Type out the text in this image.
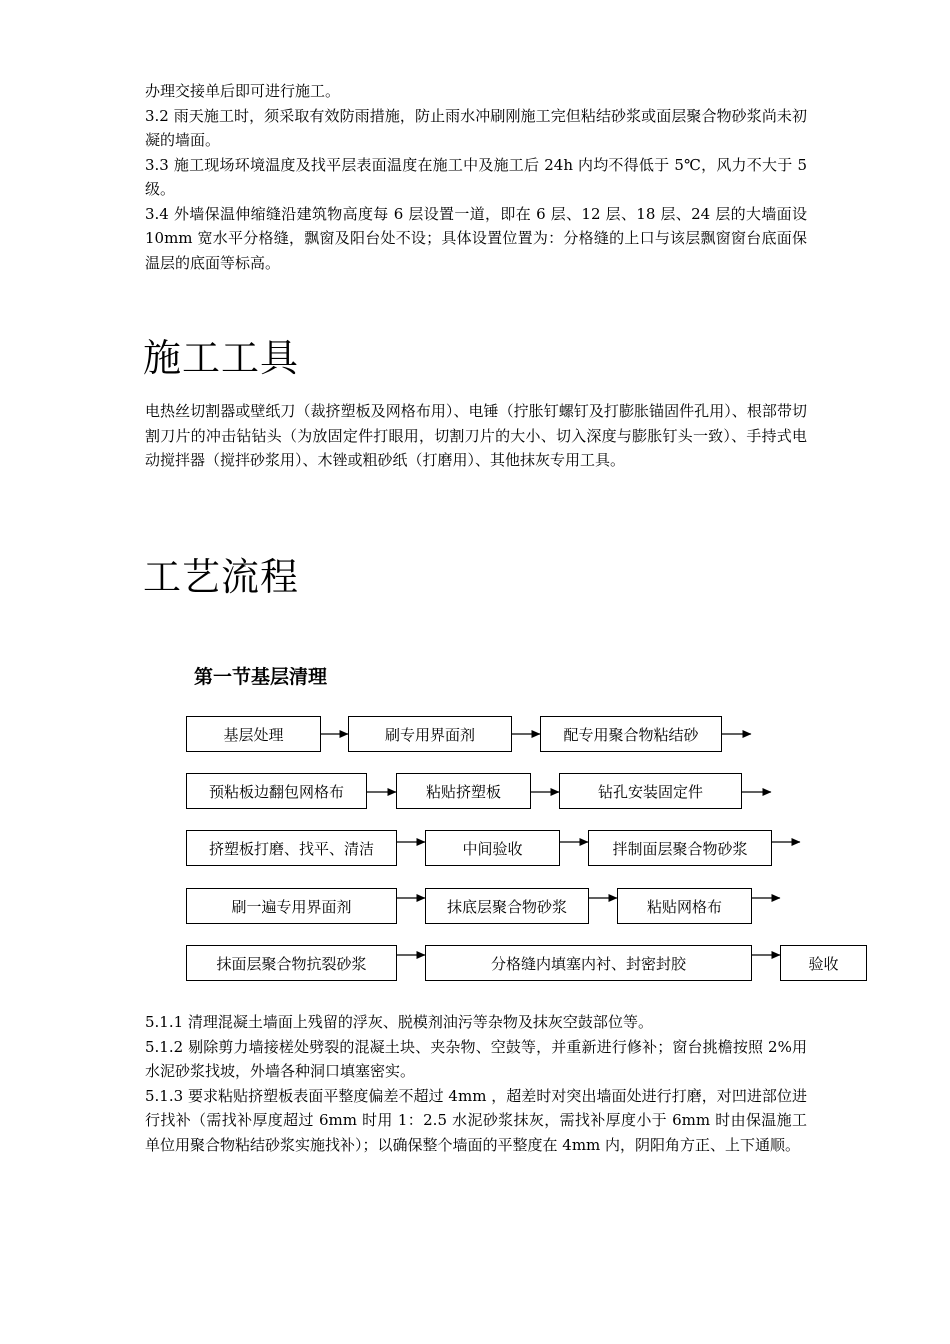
办理交接单后即可进行施工。

3.2 雨天施工时，须采取有效防雨措施，防止雨水冲刷刚施工完但粘结砂浆或面层聚合物砂浆尚未初凝的墙面。

3.3 施工现场环境温度及找平层表面温度在施工中及施工后 24h 内均不得低于 5℃，风力不大于 5 级。

3.4 外墙保温伸缩缝沿建筑物高度每 6 层设置一道，即在 6 层、12 层、18 层、24 层的大墙面设 10mm 宽水平分格缝，飘窗及阳台处不设；具体设置位置为：分格缝的上口与该层飘窗窗台底面保温层的底面等标高。

施工工具

电热丝切割器或壁纸刀（裁挤塑板及网格布用）、电锤（拧胀钉螺钉及打膨胀锚固件孔用）、根部带切割刀片的冲击钻钻头（为放固定件打眼用，切割刀片的大小、切入深度与膨胀钉头一致）、手持式电动搅拌器（搅拌砂浆用）、木锉或粗砂纸（打磨用）、其他抹灰专用工具。

工艺流程
第一节基层清理
基层处理	刷专用界面剂	配专用聚合物粘结砂
预粘板边翻包网格布	粘贴挤塑板	钻孔安装固定件
挤塑板打磨、找平、清洁	中间验收	拌制面层聚合物砂浆
刷一遍专用界面剂	抹底层聚合物砂浆	粘贴网格布
抹面层聚合物抗裂砂浆	分格缝内填塞内衬、封密封胶	验收

5.1.1 清理混凝土墙面上残留的浮灰、脱模剂油污等杂物及抹灰空鼓部位等。

5.1.2 剔除剪力墙接槎处劈裂的混凝土块、夹杂物、空鼓等，并重新进行修补；窗台挑檐按照 2%用水泥砂浆找坡，外墙各种洞口填塞密实。

5.1.3 要求粘贴挤塑板表面平整度偏差不超过 4mm ，超差时对突出墙面处进行打磨，对凹进部位进行找补（需找补厚度超过 6mm 时用 1：2.5 水泥砂浆抹灰，需找补厚度小于 6mm 时由保温施工单位用聚合物粘结砂浆实施找补）；以确保整个墙面的平整度在 4mm 内，阴阳角方正、上下通顺。
